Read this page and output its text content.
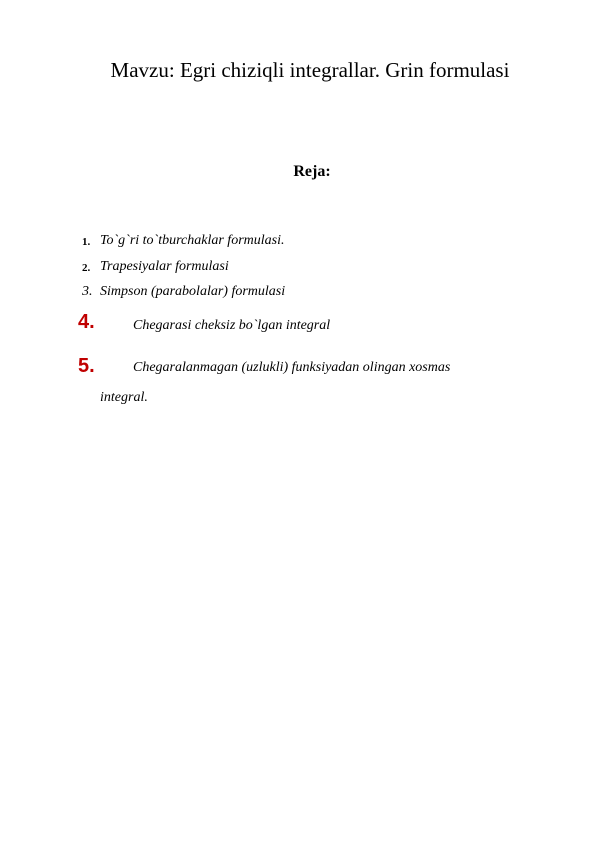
Mavzu: Egri chiziqli integrallar. Grin formulasi
Reja:
1. To`g`ri to`tburchaklar formulasi.
2. Trapesiyalar formulasi
3. Simpson (parabolalar) formulasi
4.	Chegarasi cheksiz bo`lgan integral
5.	Chegaralanmagan (uzlukli) funksiyadan olingan xosmas
integral.
